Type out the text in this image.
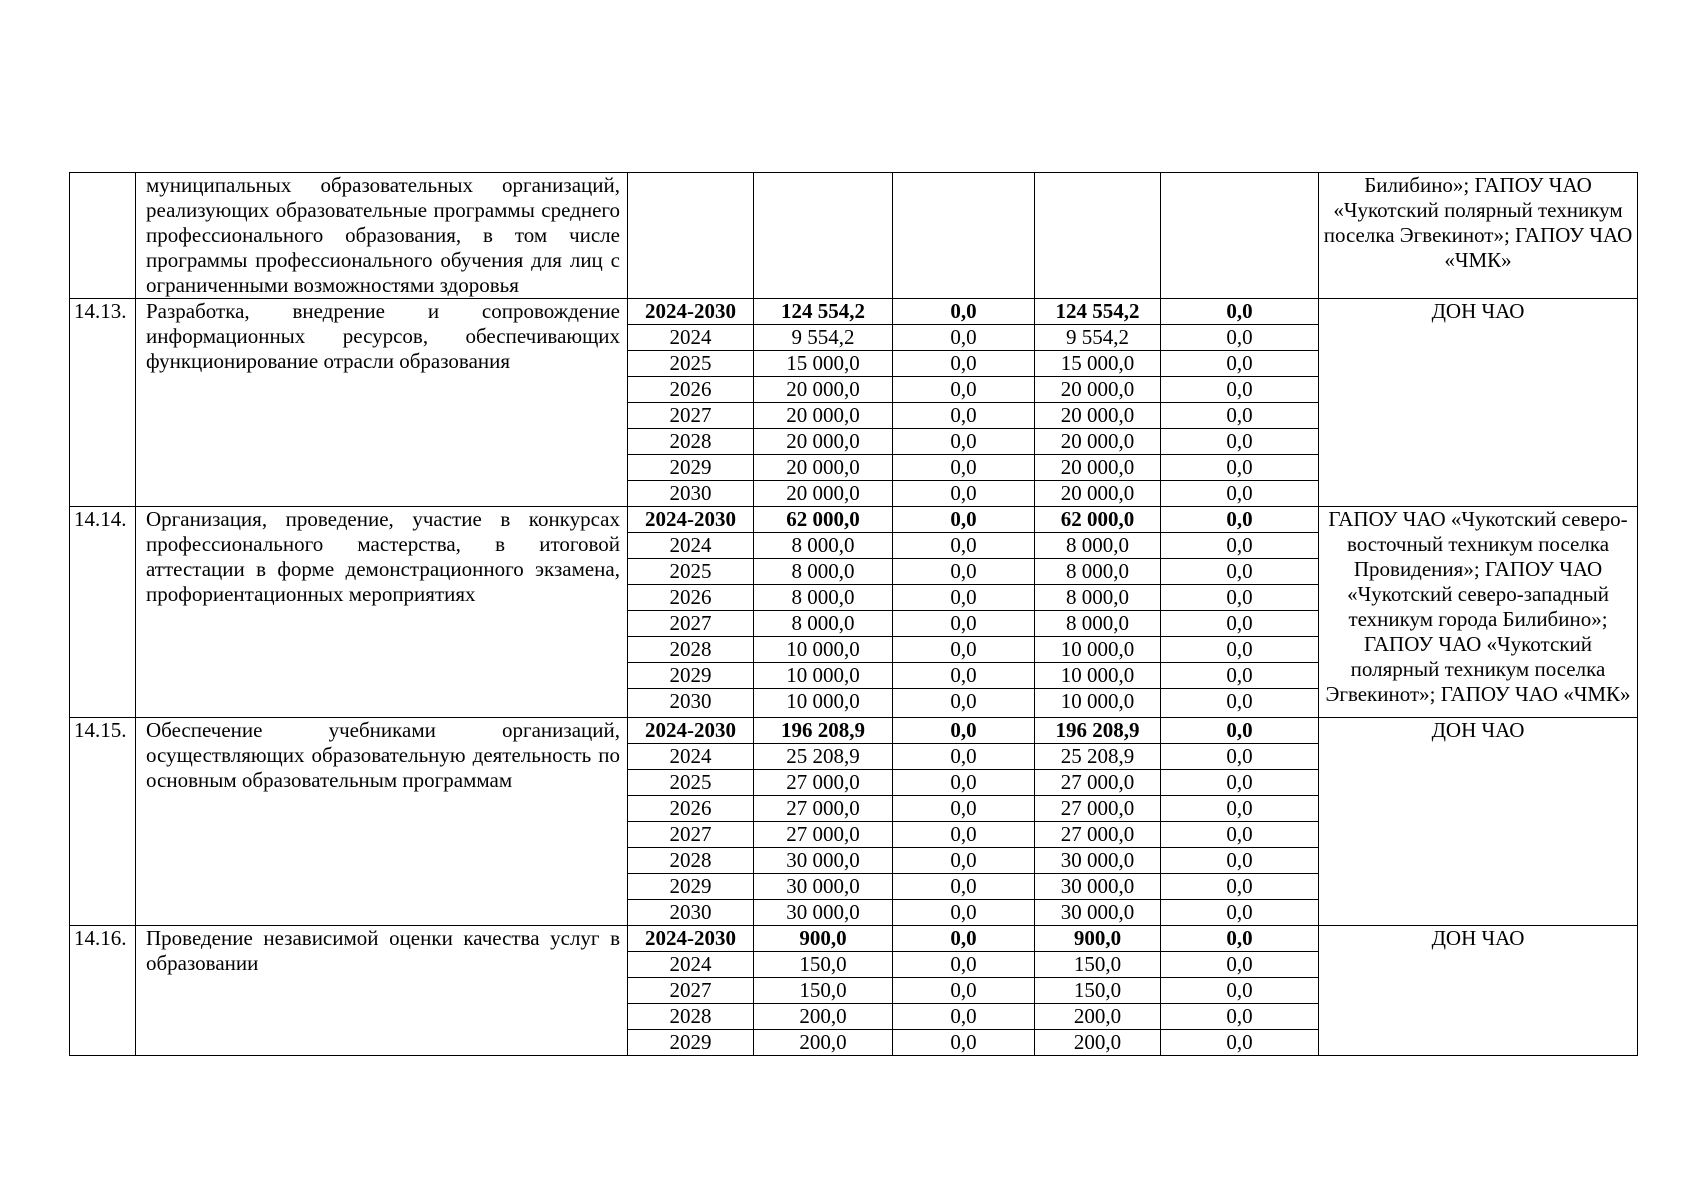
	муниципальных образовательных организаций, реализующих образовательные программы среднего профессионального образования, в том числе программы профессионального обучения для лиц с ограниченными возможностями здоровья						Билибино»; ГАПОУ ЧАО «Чукотский полярный техникум поселка Эгвекинот»; ГАПОУ ЧАО «ЧМК»
14.13.	Разработка, внедрение и сопровождение информационных ресурсов, обеспечивающих функционирование отрасли образования	2024-2030	124 554,2	0,0	124 554,2	0,0	ДОН ЧАО
		2024	9 554,2	0,0	9 554,2	0,0	
		2025	15 000,0	0,0	15 000,0	0,0	
		2026	20 000,0	0,0	20 000,0	0,0	
		2027	20 000,0	0,0	20 000,0	0,0	
		2028	20 000,0	0,0	20 000,0	0,0	
		2029	20 000,0	0,0	20 000,0	0,0	
		2030	20 000,0	0,0	20 000,0	0,0	
14.14.	Организация, проведение, участие в конкурсах профессионального мастерства, в итоговой аттестации в форме демонстрационного экзамена, профориентационных мероприятиях	2024-2030	62 000,0	0,0	62 000,0	0,0	ГАПОУ ЧАО «Чукотский северо-восточный техникум поселка Провидения»; ГАПОУ ЧАО «Чукотский северо-западный техникум города Билибино»; ГАПОУ ЧАО «Чукотский полярный техникум поселка Эгвекинот»; ГАПОУ ЧАО «ЧМК»
		2024	8 000,0	0,0	8 000,0	0,0	
		2025	8 000,0	0,0	8 000,0	0,0	
		2026	8 000,0	0,0	8 000,0	0,0	
		2027	8 000,0	0,0	8 000,0	0,0	
		2028	10 000,0	0,0	10 000,0	0,0	
		2029	10 000,0	0,0	10 000,0	0,0	
		2030	10 000,0	0,0	10 000,0	0,0	
14.15.	Обеспечение учебниками организаций, осуществляющих образовательную деятельность по основным образовательным программам	2024-2030	196 208,9	0,0	196 208,9	0,0	ДОН ЧАО
		2024	25 208,9	0,0	25 208,9	0,0	
		2025	27 000,0	0,0	27 000,0	0,0	
		2026	27 000,0	0,0	27 000,0	0,0	
		2027	27 000,0	0,0	27 000,0	0,0	
		2028	30 000,0	0,0	30 000,0	0,0	
		2029	30 000,0	0,0	30 000,0	0,0	
		2030	30 000,0	0,0	30 000,0	0,0	
14.16.	Проведение независимой оценки качества услуг в образовании	2024-2030	900,0	0,0	900,0	0,0	ДОН ЧАО
		2024	150,0	0,0	150,0	0,0	
		2027	150,0	0,0	150,0	0,0	
		2028	200,0	0,0	200,0	0,0	
		2029	200,0	0,0	200,0	0,0	
